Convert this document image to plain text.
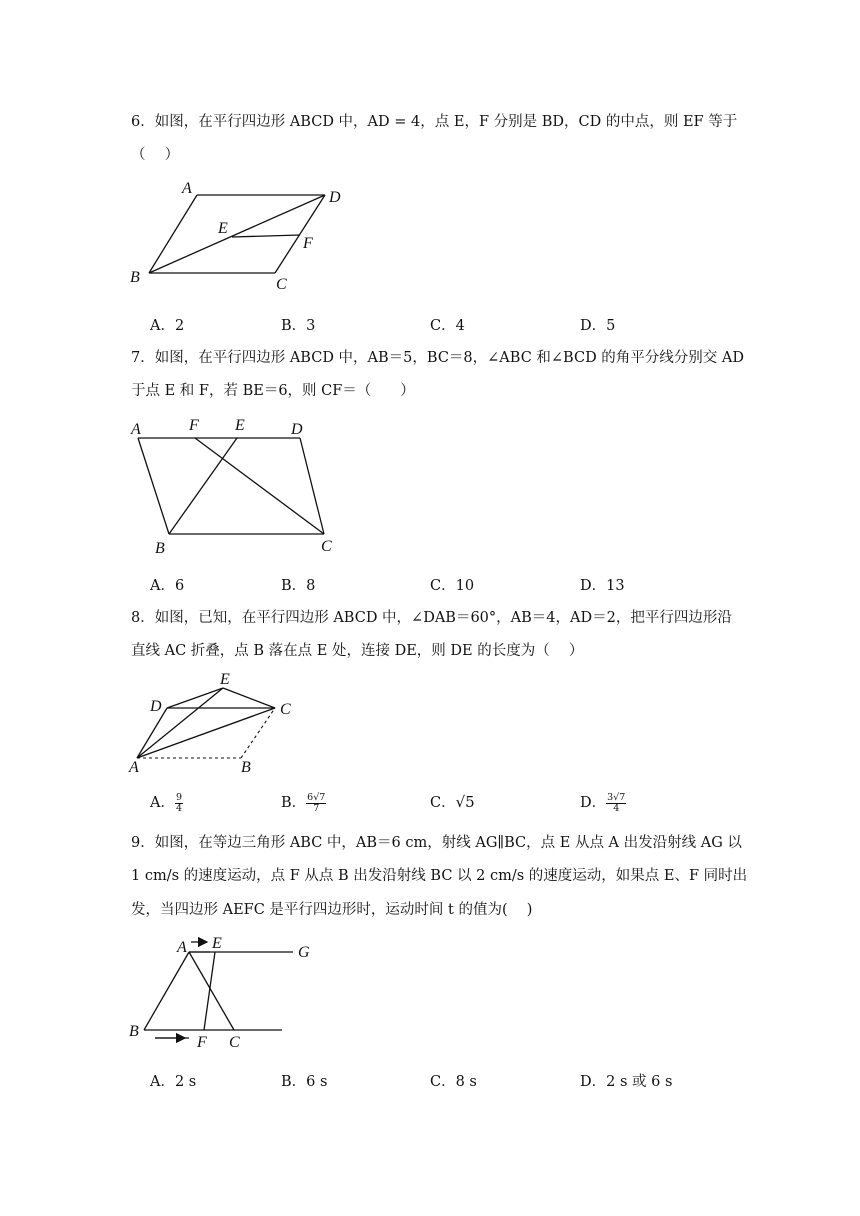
6．如图，在平行四边形 ABCD 中，AD = 4，点 E，F 分别是 BD，CD 的中点，则 EF 等于
（　 ）
A
D
E
F
B	C
A．2	B．3	C．4	D．5
7．如图，在平行四边形 ABCD 中，AB＝5，BC＝8，∠ABC 和∠BCD 的角平分线分别交 AD
于点 E 和 F，若 BE＝6，则 CF＝（　　）
A	F E	D
B	C
A．6	B．8	C．10	D．13
8．如图，已知，在平行四边形 ABCD 中，∠DAB＝60°，AB＝4，AD＝2，把平行四边形沿
直线 AC 折叠，点 B 落在点 E 处，连接 DE，则 DE 的长度为（　 ）
E
D	C
A	B
A． $\frac{9}{4}$	B． $\frac{6√7}{7}$	C．√5	D． $\frac{3√7}{4}$
9．如图，在等边三角形 ABC 中，AB＝6 cm，射线 AG∥BC，点 E 从点 A 出发沿射线 AG 以
1 cm/s 的速度运动，点 F 从点 B 出发沿射线 BC 以 2 cm/s 的速度运动，如果点 E、F 同时出
发，当四边形 AEFC 是平行四边形时，运动时间 t 的值为(　 )
A E
G
B
F C
A．2 s	B．6 s	C．8 s	D．2 s 或 6 s
